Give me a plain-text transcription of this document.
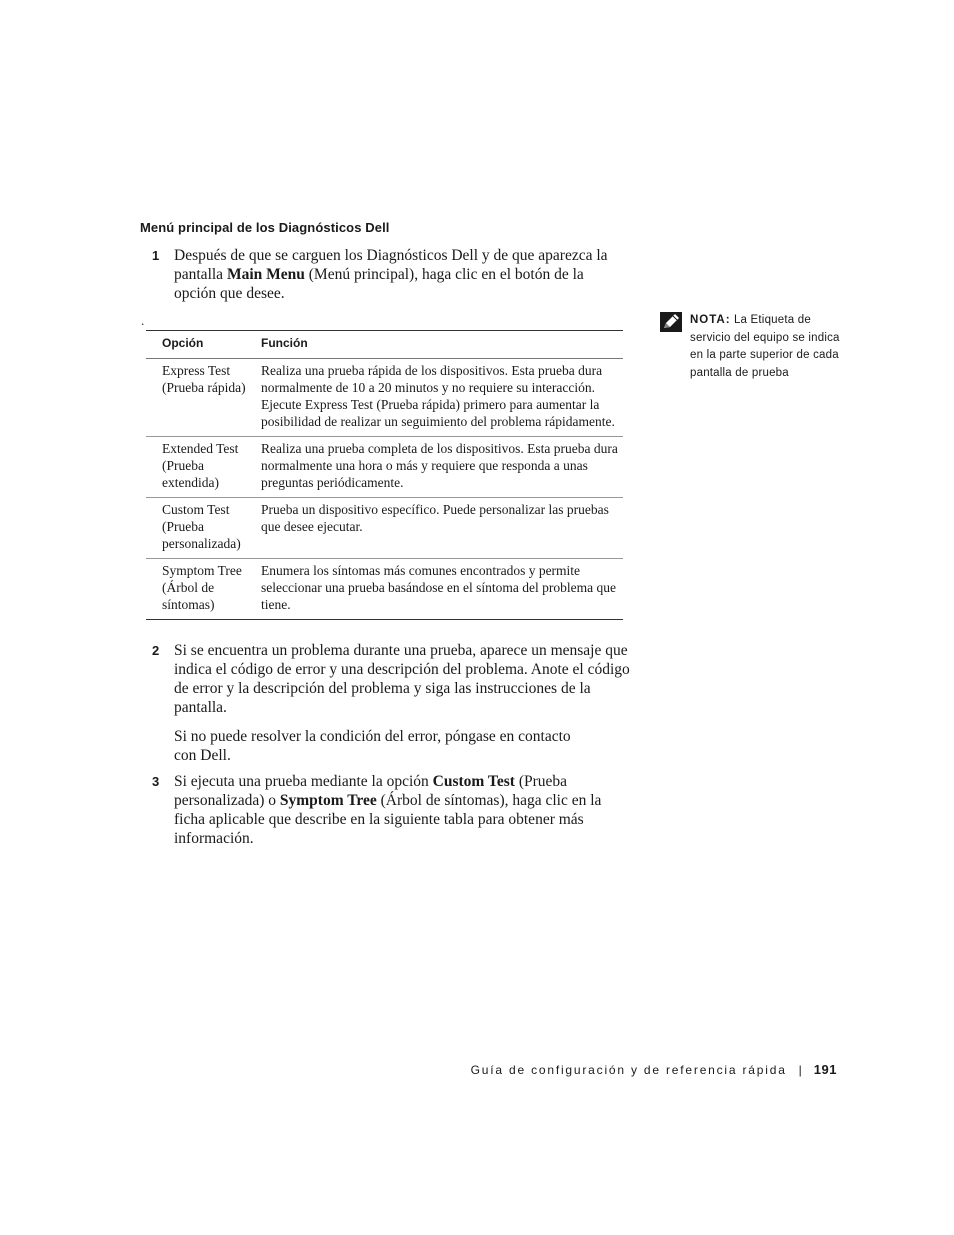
Menú principal de los Diagnósticos Dell
1 Después de que se carguen los Diagnósticos Dell y de que aparezca la pantalla Main Menu (Menú principal), haga clic en el botón de la opción que desee.

.
Opción	Función
Express Test (Prueba rápida)	Realiza una prueba rápida de los dispositivos. Esta prueba dura normalmente de 10 a 20 minutos y no requiere su interacción. Ejecute Express Test (Prueba rápida) primero para aumentar la posibilidad de realizar un seguimiento del problema rápidamente.
Extended Test (Prueba extendida)	Realiza una prueba completa de los dispositivos. Esta prueba dura normalmente una hora o más y requiere que responda a unas preguntas periódicamente.
Custom Test (Prueba personalizada)	Prueba un dispositivo específico. Puede personalizar las pruebas que desee ejecutar.
Symptom Tree (Árbol de síntomas)	Enumera los síntomas más comunes encontrados y permite seleccionar una prueba basándose en el síntoma del problema que tiene.
2 Si se encuentra un problema durante una prueba, aparece un mensaje que indica el código de error y una descripción del problema. Anote el código de error y la descripción del problema y siga las instrucciones de la pantalla.

Si no puede resolver la condición del error, póngase en contacto con Dell.

3 Si ejecuta una prueba mediante la opción Custom Test (Prueba personalizada) o Symptom Tree (Árbol de síntomas), haga clic en la ficha aplicable que describe en la siguiente tabla para obtener más información.

NOTA: La Etiqueta de servicio del equipo se indica en la parte superior de cada pantalla de prueba
Guía de configuración y de referencia rápida | 191
